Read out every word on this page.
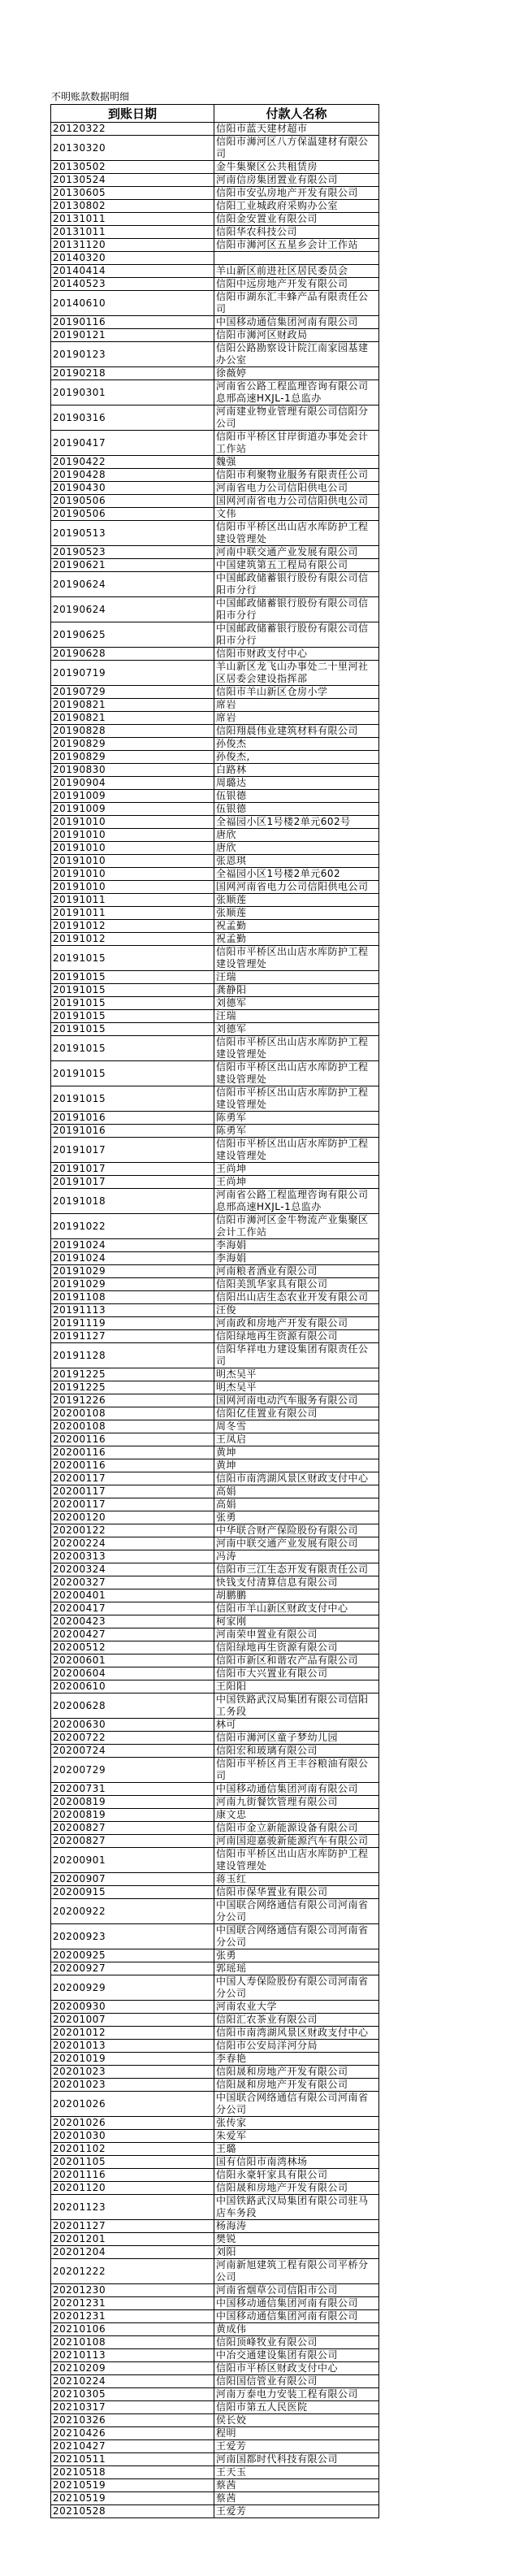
不明账款数据明细
到账日期	付款人名称
20120322	信阳市蓝天建材超市
20130320	信阳市浉河区八方保温建材有限公司
20130502	金牛集聚区公共租赁房
20130524	河南信房集团置业有限公司
20130605	信阳市安弘房地产开发有限公司
20130802	信阳工业城政府采购办公室
20131011	信阳金安置业有限公司
20131011	信阳华农科技公司
20131120	信阳市浉河区五星乡会计工作站
20140320	
20140414	羊山新区前进社区居民委员会
20140523	信阳中远房地产开发有限公司
20140610	信阳市湖东汇丰蜂产品有限责任公司
20190116	中国移动通信集团河南有限公司
20190121	信阳市浉河区财政局
20190123	信阳公路勘察设计院江南家园基建办公室
20190218	徐薇婷
20190301	河南省公路工程监理咨询有限公司息邢高速HXJL-1总监办
20190316	河南建业物业管理有限公司信阳分公司
20190417	信阳市平桥区甘岸街道办事处会计工作站
20190422	魏强
20190428	信阳市利聚物业服务有限责任公司
20190430	河南省电力公司信阳供电公司
20190506	国网河南省电力公司信阳供电公司
20190506	文伟
20190513	信阳市平桥区出山店水库防护工程建设管理处
20190523	河南中联交通产业发展有限公司
20190621	中国建筑第五工程局有限公司
20190624	中国邮政储蓄银行股份有限公司信阳市分行
20190624	中国邮政储蓄银行股份有限公司信阳市分行
20190625	中国邮政储蓄银行股份有限公司信阳市分行
20190628	信阳市财政支付中心
20190719	羊山新区龙飞山办事处二十里河社区居委会建设指挥部
20190729	信阳市羊山新区仓房小学
20190821	席岩
20190821	席岩
20190828	信阳翔晨伟业建筑材料有限公司
20190829	孙俊杰
20190829	孙俊杰,
20190830	白路林
20190904	周璐达
20191009	伍银德
20191009	伍银德
20191010	全福园小区1号楼2单元602号
20191010	唐欣
20191010	唐欣
20191010	张恩琪
20191010	全福园小区1号楼2单元602
20191010	国网河南省电力公司信阳供电公司
20191011	张顺莲
20191011	张顺莲
20191012	祝孟勤
20191012	祝孟勤
20191015	信阳市平桥区出山店水库防护工程建设管理处
20191015	汪瑞
20191015	龚静阳
20191015	刘德军
20191015	汪瑞
20191015	刘德军
20191015	信阳市平桥区出山店水库防护工程建设管理处
20191015	信阳市平桥区出山店水库防护工程建设管理处
20191015	信阳市平桥区出山店水库防护工程建设管理处
20191016	陈勇军
20191016	陈勇军
20191017	信阳市平桥区出山店水库防护工程建设管理处
20191017	王尚坤
20191017	王尚坤
20191018	河南省公路工程监理咨询有限公司息邢高速HXJL-1总监办
20191022	信阳市浉河区金牛物流产业集聚区会计工作站
20191024	李海娟
20191024	李海娟
20191029	河南粮者酒业有限公司
20191029	信阳美凯华家具有限公司
20191108	信阳出山店生态农业开发有限公司
20191113	汪俊
20191119	河南政和房地产开发有限公司
20191127	信阳绿地再生资源有限公司
20191128	信阳华祥电力建设集团有限责任公司
20191225	明杰吴平
20191225	明杰吴平
20191226	国网河南电动汽车服务有限公司
20200108	信阳亿佳置业有限公司
20200108	周冬雪
20200116	王凤启
20200116	黄坤
20200116	黄坤
20200117	信阳市南湾湖风景区财政支付中心
20200117	高娟
20200117	高娟
20200120	张勇
20200122	中华联合财产保险股份有限公司
20200224	河南中联交通产业发展有限公司
20200313	冯涛
20200324	信阳市三江生态开发有限责任公司
20200327	快钱支付清算信息有限公司
20200401	胡鹏鹏
20200417	信阳市羊山新区财政支付中心
20200423	柯家刚
20200427	河南荣申置业有限公司
20200512	信阳绿地再生资源有限公司
20200601	信阳市新区和谐农产品有限公司
20200604	信阳市大兴置业有限公司
20200610	王阳阳
20200628	中国铁路武汉局集团有限公司信阳工务段
20200630	林可
20200722	信阳市浉河区童子梦幼儿园
20200724	信阳宏和玻璃有限公司
20200729	信阳市平桥区肖王丰谷粮油有限公司
20200731	中国移动通信集团河南有限公司
20200819	河南九街餐饮管理有限公司
20200819	康文忠
20200827	信阳市金立新能源设备有限公司
20200827	河南国迎嘉骏新能源汽车有限公司
20200901	信阳市平桥区出山店水库防护工程建设管理处
20200907	蒋玉红
20200915	信阳市保华置业有限公司
20200922	中国联合网络通信有限公司河南省分公司
20200923	中国联合网络通信有限公司河南省分公司
20200925	张勇
20200927	郭瑶瑶
20200929	中国人寿保险股份有限公司河南省分公司
20200930	河南农业大学
20201007	信阳汇农茶业有限公司
20201012	信阳市南湾湖风景区财政支付中心
20201013	信阳市公安局洋河分局
20201019	李春艳
20201023	信阳晟和房地产开发有限公司
20201023	信阳晟和房地产开发有限公司
20201026	中国联合网络通信有限公司河南省分公司
20201026	张传家
20201030	朱爱军
20201102	王璐
20201105	国有信阳市南湾林场
20201116	信阳永豪轩家具有限公司
20201120	信阳晟和房地产开发有限公司
20201123	中国铁路武汉局集团有限公司驻马店车务段
20201127	杨海涛
20201201	樊锐
20201204	刘阳
20201222	河南新旭建筑工程有限公司平桥分公司
20201230	河南省烟草公司信阳市公司
20201231	中国移动通信集团河南有限公司
20201231	中国移动通信集团河南有限公司
20210106	黄成伟
20210108	信阳顶峰牧业有限公司
20210113	中冶交通建设集团有限公司
20210209	信阳市平桥区财政支付中心
20210224	信阳国信管业有限公司
20210305	河南万泰电力安装工程有限公司
20210317	信阳市第五人民医院
20210326	侯长姣
20210426	程明
20210427	王爱芳
20210511	河南国都时代科技有限公司
20210518	王天玉
20210519	蔡茜
20210519	蔡茜
20210528	王爱芳
